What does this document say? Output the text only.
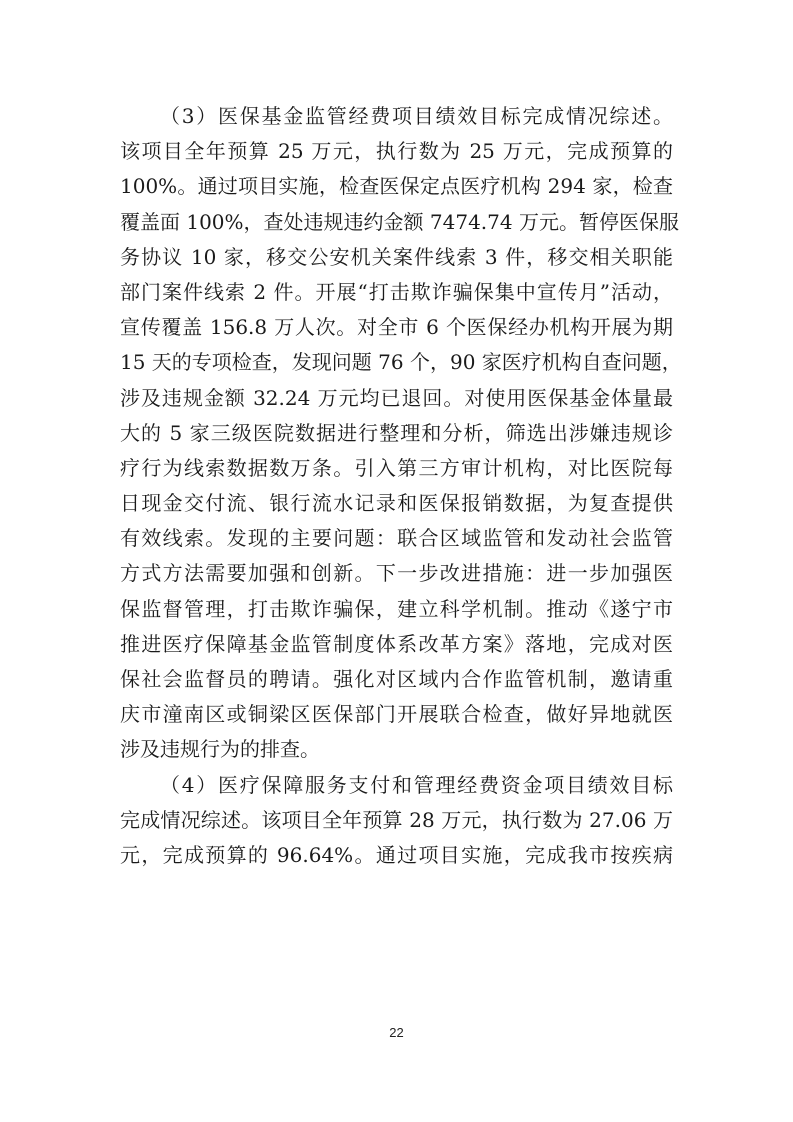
（3）医保基金监管经费项目绩效目标完成情况综述。
该项目全年预算 25 万元，执行数为 25 万元，完成预算的
100%。通过项目实施，检查医保定点医疗机构 294 家，检查
覆盖面 100%，查处违规违约金额 7474.74 万元。暂停医保服
务协议 10 家，移交公安机关案件线索 3 件，移交相关职能
部门案件线索 2 件。开展“打击欺诈骗保集中宣传月”活动，
宣传覆盖 156.8 万人次。对全市 6 个医保经办机构开展为期
15 天的专项检查，发现问题 76 个，90 家医疗机构自查问题，
涉及违规金额 32.24 万元均已退回。对使用医保基金体量最
大的 5 家三级医院数据进行整理和分析，筛选出涉嫌违规诊
疗行为线索数据数万条。引入第三方审计机构，对比医院每
日现金交付流、银行流水记录和医保报销数据，为复查提供
有效线索。发现的主要问题：联合区域监管和发动社会监管
方式方法需要加强和创新。下一步改进措施：进一步加强医
保监督管理，打击欺诈骗保，建立科学机制。推动《遂宁市
推进医疗保障基金监管制度体系改革方案》落地，完成对医
保社会监督员的聘请。强化对区域内合作监管机制，邀请重
庆市潼南区或铜梁区医保部门开展联合检查，做好异地就医
涉及违规行为的排查。
（4）医疗保障服务支付和管理经费资金项目绩效目标
完成情况综述。该项目全年预算 28 万元，执行数为 27.06 万
元，完成预算的 96.64%。通过项目实施，完成我市按疾病
22
